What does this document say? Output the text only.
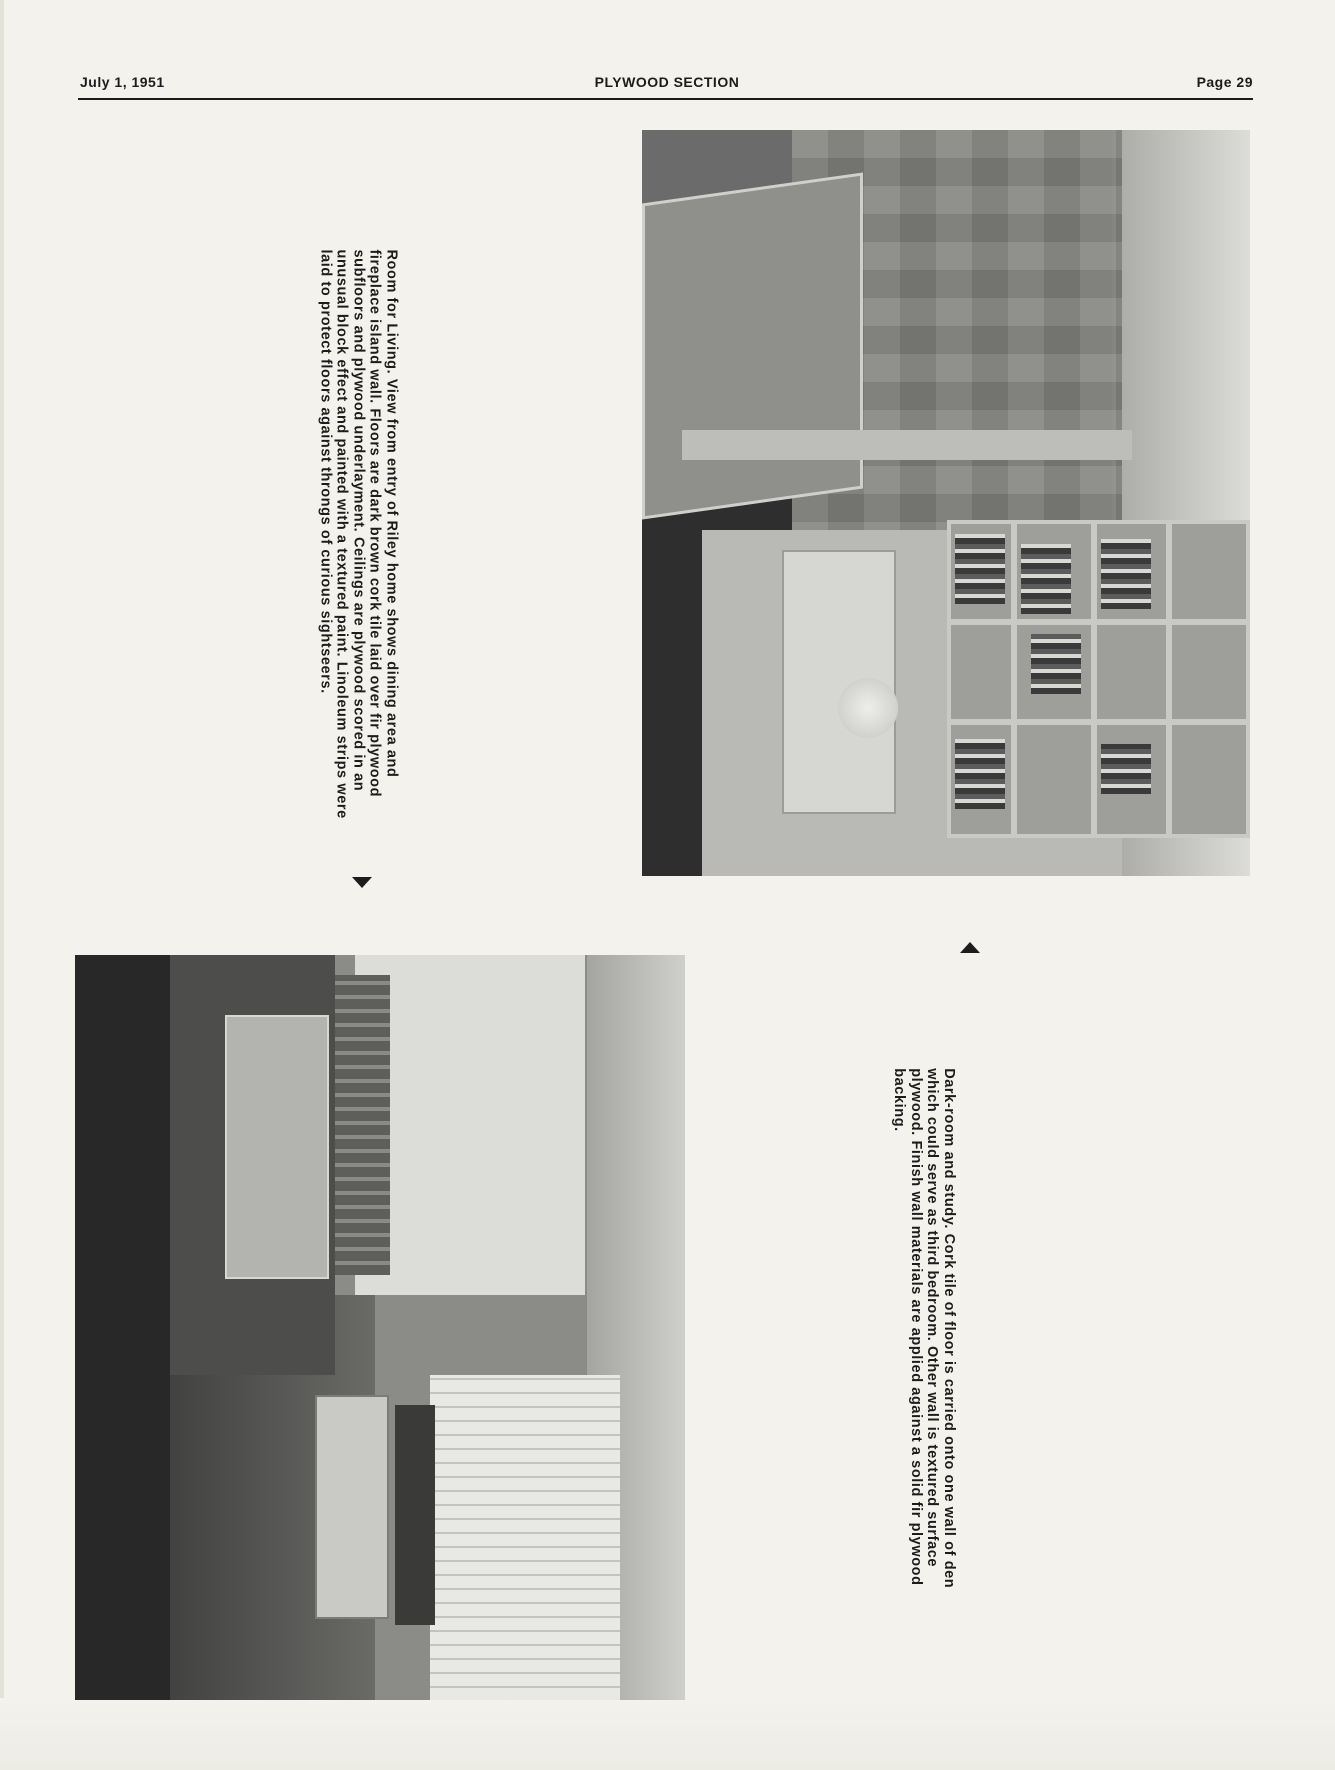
July 1, 1951	PLYWOOD SECTION	Page 29
Room for Living. View from entry of Riley home shows dining area and fireplace island wall. Floors are dark brown cork tile laid over fir plywood subfloors and plywood underlayment. Ceilings are plywood scored in an unusual block effect and painted with a textured paint. Linoleum strips were laid to protect floors against throngs of curious sightseers.
Dark-room and study. Cork tile of floor is carried onto one wall of den which could serve as third bedroom. Other wall is textured surface plywood. Finish wall materials are applied against a solid fir plywood backing.
